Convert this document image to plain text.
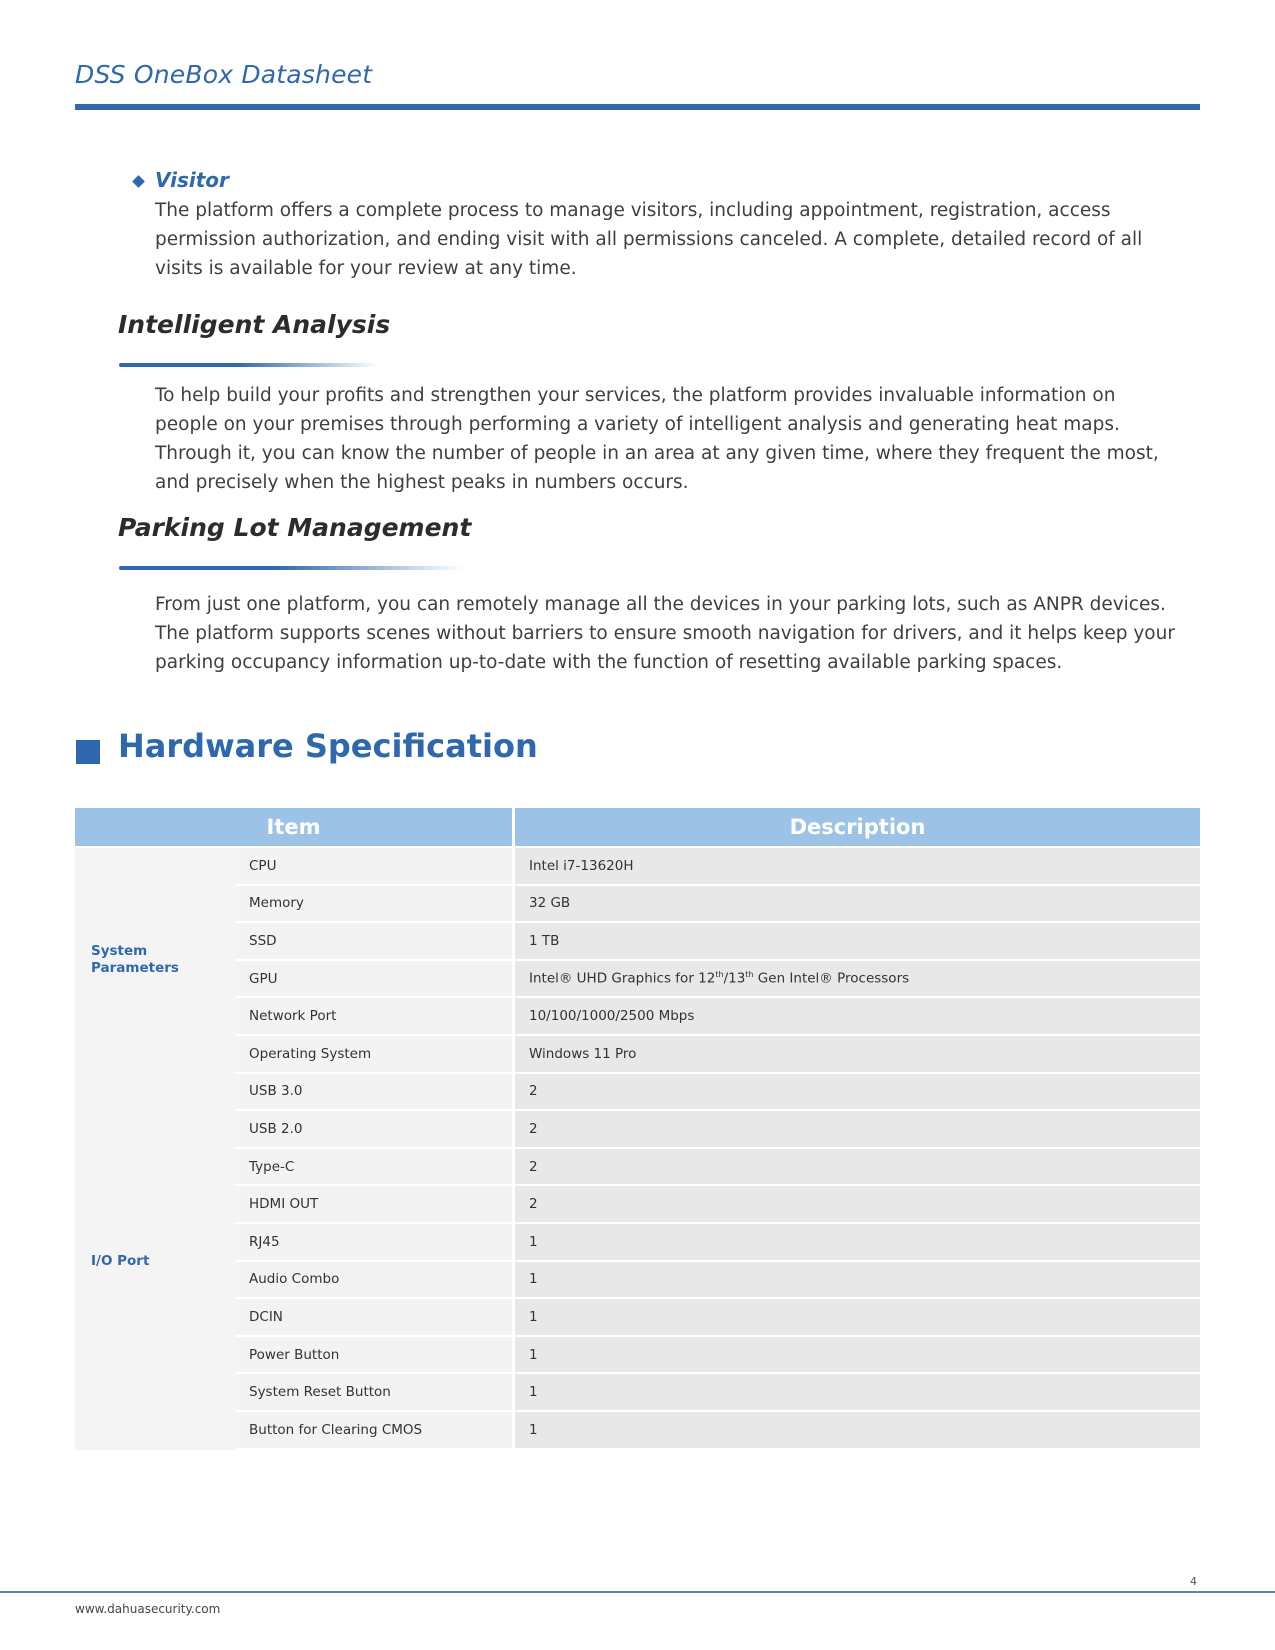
DSS OneBox Datasheet
Visitor
The platform offers a complete process to manage visitors, including appointment, registration, access permission authorization, and ending visit with all permissions canceled. A complete, detailed record of all visits is available for your review at any time.
Intelligent Analysis
To help build your profits and strengthen your services, the platform provides invaluable information on people on your premises through performing a variety of intelligent analysis and generating heat maps. Through it, you can know the number of people in an area at any given time, where they frequent the most, and precisely when the highest peaks in numbers occurs.
Parking Lot Management
From just one platform, you can remotely manage all the devices in your parking lots, such as ANPR devices.
The platform supports scenes without barriers to ensure smooth navigation for drivers, and it helps keep your parking occupancy information up-to-date with the function of resetting available parking spaces.
Hardware Specification
Item		Description
System Parameters	CPU	Intel i7-13620H
	Memory	32 GB
	SSD	1 TB
	GPU	Intel® UHD Graphics for 12th/13th Gen Intel® Processors
	Network Port	10/100/1000/2500 Mbps
	Operating System	Windows 11 Pro
I/O Port	USB 3.0	2
	USB 2.0	2
	Type-C	2
	HDMI OUT	2
	RJ45	1
	Audio Combo	1
	DCIN	1
	Power Button	1
	System Reset Button	1
	Button for Clearing CMOS	1
4
www.dahuasecurity.com
